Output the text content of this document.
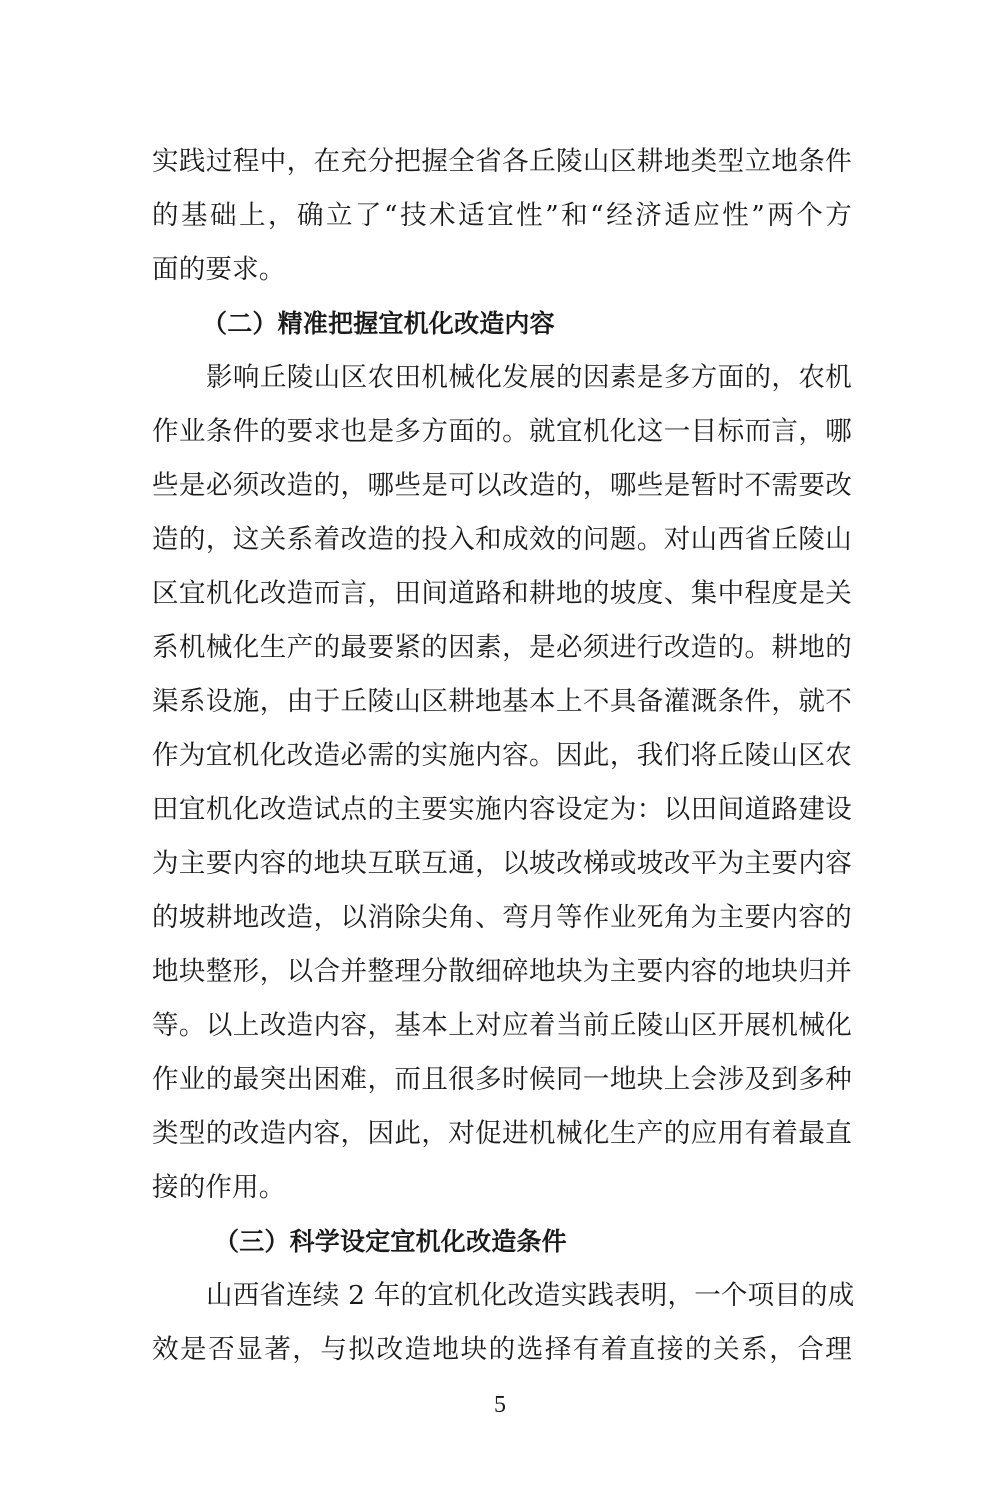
实践过程中，在充分把握全省各丘陵山区耕地类型立地条件
的基础上，确立了“技术适宜性”和“经济适应性”两个方
面的要求。
（二）精准把握宜机化改造内容
影响丘陵山区农田机械化发展的因素是多方面的，农机
作业条件的要求也是多方面的。就宜机化这一目标而言，哪
些是必须改造的，哪些是可以改造的，哪些是暂时不需要改
造的，这关系着改造的投入和成效的问题。对山西省丘陵山
区宜机化改造而言，田间道路和耕地的坡度、集中程度是关
系机械化生产的最要紧的因素，是必须进行改造的。耕地的
渠系设施，由于丘陵山区耕地基本上不具备灌溉条件，就不
作为宜机化改造必需的实施内容。因此，我们将丘陵山区农
田宜机化改造试点的主要实施内容设定为：以田间道路建设
为主要内容的地块互联互通，以坡改梯或坡改平为主要内容
的坡耕地改造，以消除尖角、弯月等作业死角为主要内容的
地块整形，以合并整理分散细碎地块为主要内容的地块归并
等。以上改造内容，基本上对应着当前丘陵山区开展机械化
作业的最突出困难，而且很多时候同一地块上会涉及到多种
类型的改造内容，因此，对促进机械化生产的应用有着最直
接的作用。
（三）科学设定宜机化改造条件
山西省连续 2 年的宜机化改造实践表明，一个项目的成
效是否显著，与拟改造地块的选择有着直接的关系，合理
5
